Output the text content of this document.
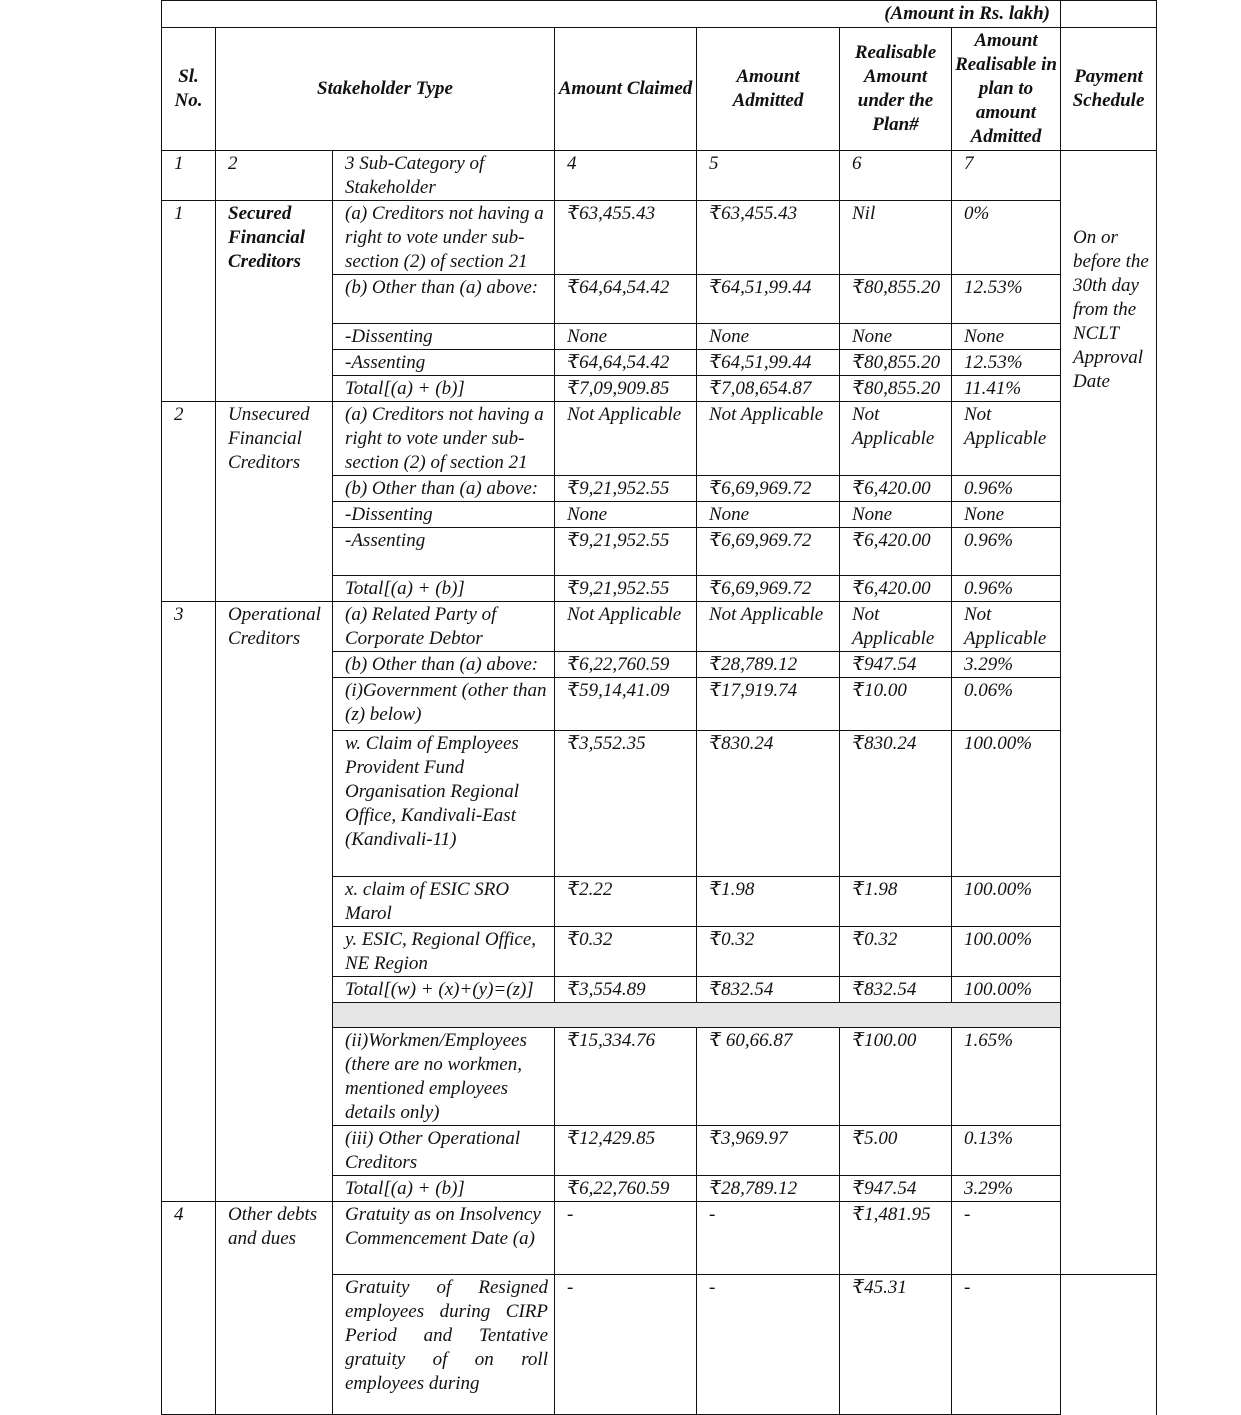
(Amount in Rs. lakh)								
Sl. No.	Stakeholder Type		Amount Claimed	Amount Admitted	Realisable Amount under the Plan#	Amount Realisable in plan to amount Admitted	Payment Schedule	
1	2	3 Sub-Category of Stakeholder	4	5	6	7	On or before the 30th day from the NCLT Approval Date	
1	Secured Financial Creditors	(a) Creditors not having a right to vote under sub-section (2) of section 21	₹63,455.43	₹63,455.43	Nil	0%		
		(b) Other than (a) above:	₹64,64,54.42	₹64,51,99.44	₹80,855.20	12.53%		
		-Dissenting	None	None	None	None		
		-Assenting	₹64,64,54.42	₹64,51,99.44	₹80,855.20	12.53%		
		Total[(a) + (b)]	₹7,09,909.85	₹7,08,654.87	₹80,855.20	11.41%		
2	Unsecured Financial Creditors	(a) Creditors not having a right to vote under sub-section (2) of section 21	Not Applicable	Not Applicable	Not Applicable	Not Applicable		
		(b) Other than (a) above:	₹9,21,952.55	₹6,69,969.72	₹6,420.00	0.96%		
		-Dissenting	None	None	None	None		
		-Assenting	₹9,21,952.55	₹6,69,969.72	₹6,420.00	0.96%		
		Total[(a) + (b)]	₹9,21,952.55	₹6,69,969.72	₹6,420.00	0.96%		
3	Operational Creditors	(a) Related Party of Corporate Debtor	Not Applicable	Not Applicable	Not Applicable	Not Applicable		
		(b) Other than (a) above:	₹6,22,760.59	₹28,789.12	₹947.54	3.29%		
		(i)Government (other than (z) below)	₹59,14,41.09	₹17,919.74	₹10.00	0.06%		
		w. Claim of Employees Provident Fund Organisation Regional Office, Kandivali-East (Kandivali-11)	₹3,552.35	₹830.24	₹830.24	100.00%		
		x. claim of ESIC SRO Marol	₹2.22	₹1.98	₹1.98	100.00%		
		y. ESIC, Regional Office, NE Region	₹0.32	₹0.32	₹0.32	100.00%		
		Total[(w) + (x)+(y)=(z)]	₹3,554.89	₹832.54	₹832.54	100.00%		

		(ii)Workmen/Employees (there are no workmen, mentioned employees details only)	₹15,334.76	₹ 60,66.87	₹100.00	1.65%		
		(iii) Other Operational Creditors	₹12,429.85	₹3,969.97	₹5.00	0.13%		
		Total[(a) + (b)]	₹6,22,760.59	₹28,789.12	₹947.54	3.29%		
4	Other debts and dues	Gratuity as on Insolvency Commencement Date (a)	-	-	₹1,481.95	-		
		Gratuity of Resigned employees during CIRP Period and Tentative gratuity of on roll employees during	-	-	₹45.31	-		
